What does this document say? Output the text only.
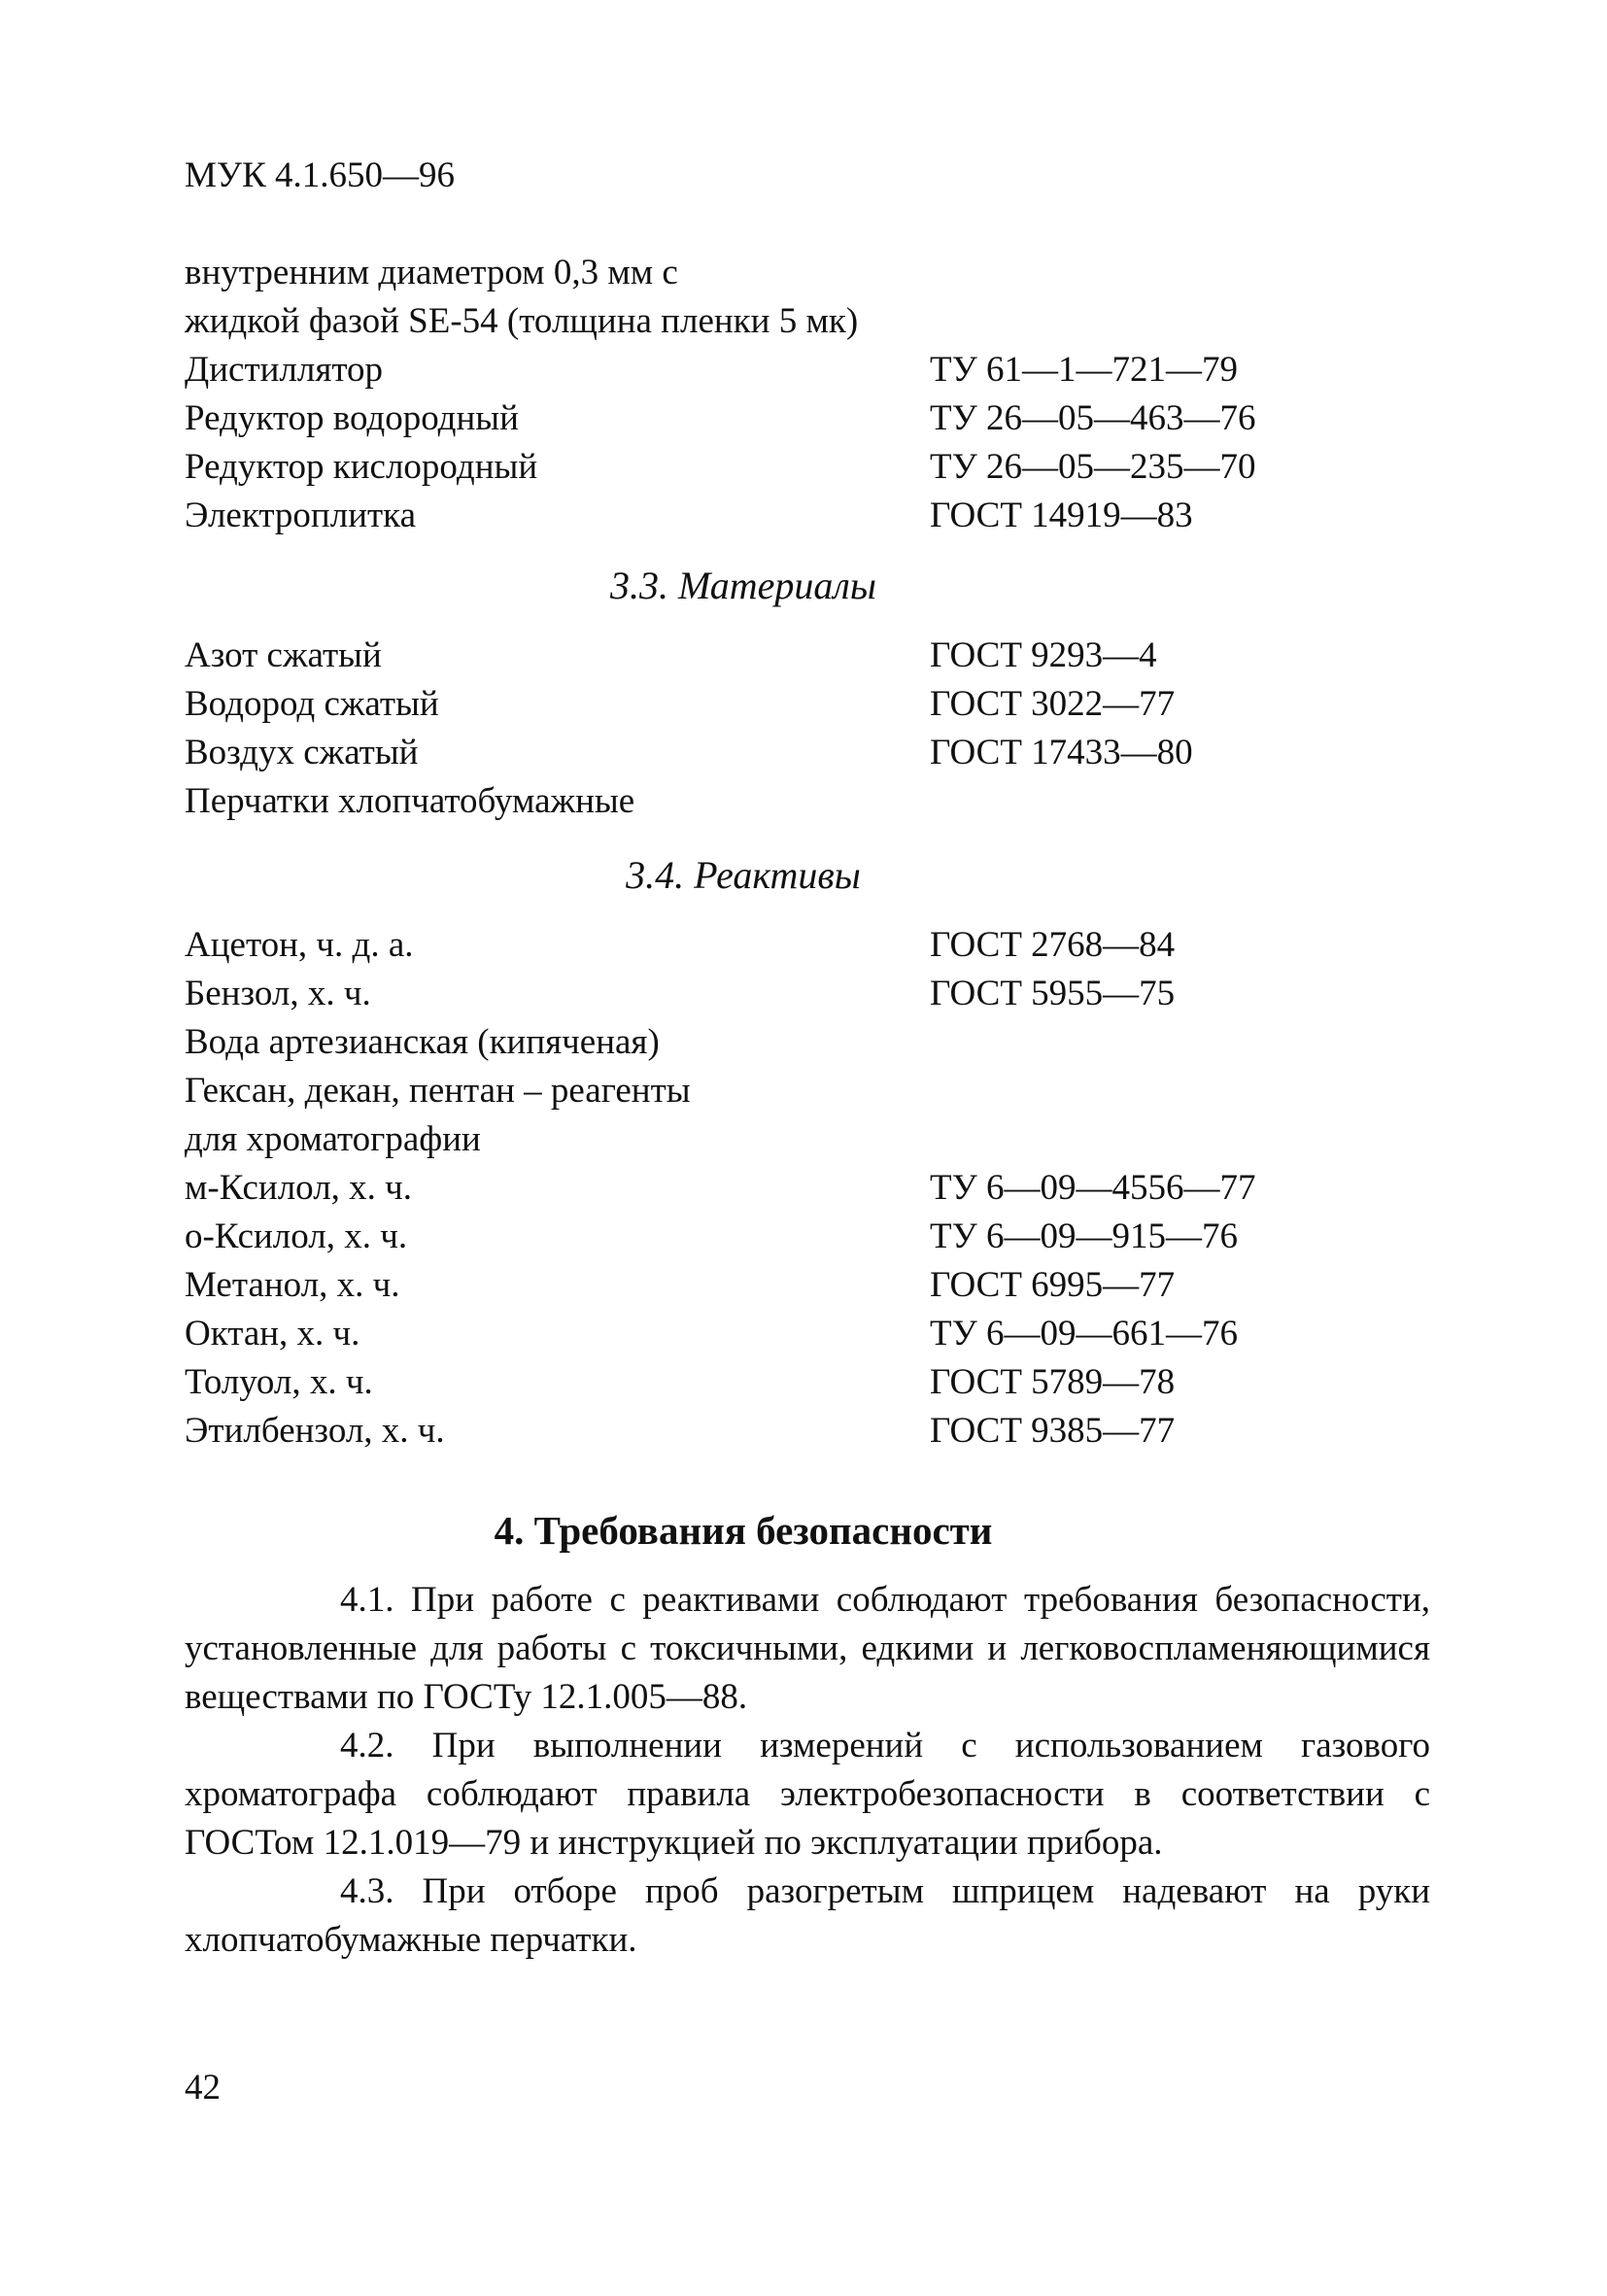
МУК 4.1.650—96
внутренним диаметром 0,3 мм с
жидкой фазой SE-54 (толщина пленки 5 мк)
Дистиллятор	ТУ 61—1—721—79
Редуктор водородный	ТУ 26—05—463—76
Редуктор кислородный	ТУ 26—05—235—70
Электроплитка	ГОСТ 14919—83
3.3. Материалы
Азот сжатый	ГОСТ 9293—4
Водород сжатый	ГОСТ 3022—77
Воздух сжатый	ГОСТ 17433—80
Перчатки хлопчатобумажные
3.4. Реактивы
Ацетон, ч. д. а.	ГОСТ 2768—84
Бензол, х. ч.	ГОСТ 5955—75
Вода артезианская (кипяченая)
Гексан, декан, пентан – реагенты
для хроматографии
м-Ксилол, х. ч.	ТУ 6—09—4556—77
о-Ксилол, х. ч.	ТУ 6—09—915—76
Метанол, х. ч.	ГОСТ 6995—77
Октан, х. ч.	ТУ 6—09—661—76
Толуол, х. ч.	ГОСТ 5789—78
Этилбензол, х. ч.	ГОСТ 9385—77
4. Требования безопасности
4.1. При работе с реактивами соблюдают требования безопасности, установленные для работы с токсичными, едкими и легковоспламеняющимися веществами по ГОСТу 12.1.005—88.
4.2. При выполнении измерений с использованием газового хроматографа соблюдают правила электробезопасности в соответствии с ГОСТом 12.1.019—79 и инструкцией по эксплуатации прибора.
4.3. При отборе проб разогретым шприцем надевают на руки хлопчатобумажные перчатки.
42
